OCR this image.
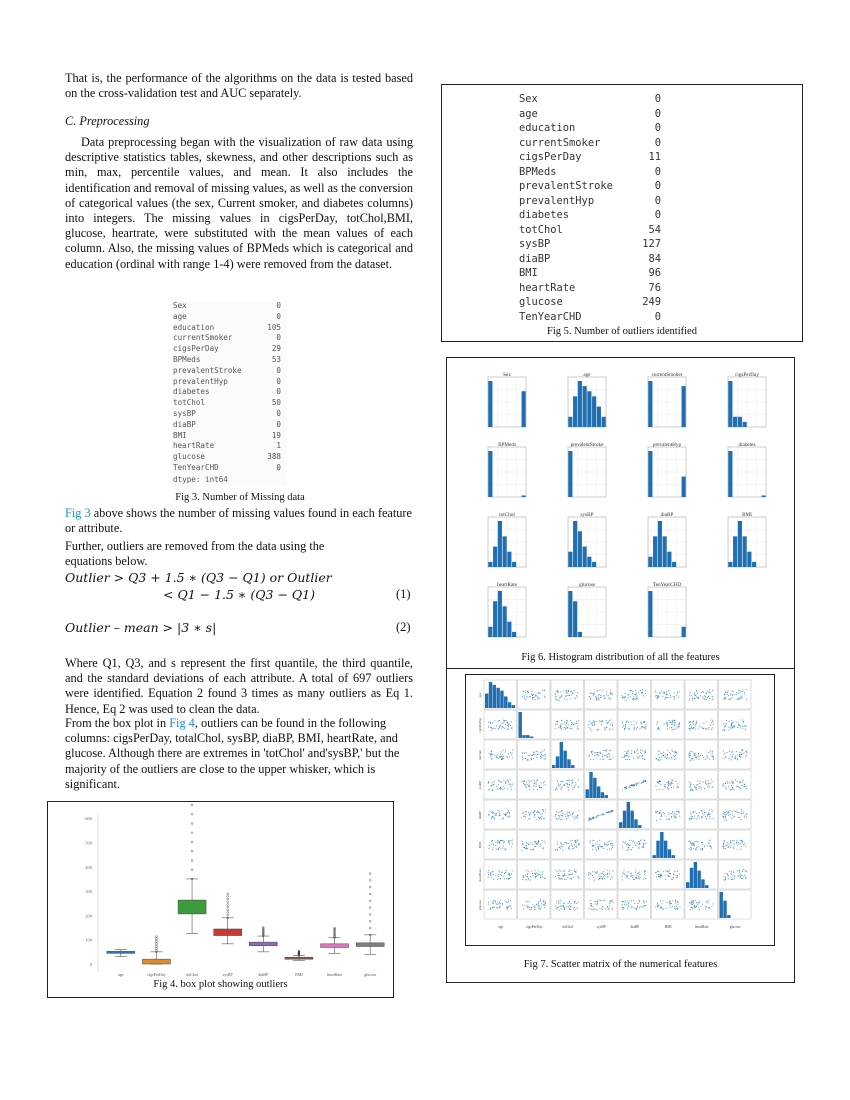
That is, the performance of the algorithms on the data is tested based on the cross-validation test and AUC separately.
C. Preprocessing
Data preprocessing began with the visualization of raw data using descriptive statistics tables, skewness, and other descriptions such as min, max, percentile values, and mean. It also includes the identification and removal of missing values, as well as the conversion of categorical values (the sex, Current smoker, and diabetes columns) into integers. The missing values in cigsPerDay, totChol,BMI, glucose, heartrate, were substituted with the mean values of each column. Also, the missing values of BPMeds which is categorical and education (ordinal with range 1-4) were removed from the dataset.
Sex	0
age	0
education	105
currentSmoker	0
cigsPerDay	29
BPMeds	53
prevalentStroke	0
prevalentHyp	0
diabetes	0
totChol	50
sysBP	0
diaBP	0
BMI	19
heartRate	1
glucose	388
TenYearCHD	0
dtype: int64
Fig 3. Number of Missing data
Fig 3 above shows the number of missing values found in each feature or attribute.
Further, outliers are removed from the data using the equations below.
Outlier > Q3 + 1.5 ∗ (Q3 − Q1) or Outlier
< Q1 − 1.5 ∗ (Q3 − Q1)	(1)
Outlier – mean > |3 ∗ s|	(2)
Where Q1, Q3, and s represent the first quantile, the third quantile, and the standard deviations of each attribute. A total of 697 outliers were identified. Equation 2 found 3 times as many outliers as Eq 1. Hence, Eq 2 was used to clean the data.
From the box plot in Fig 4, outliers can be found in the following columns: cigsPerDay, totalChol, sysBP, diaBP, BMI, heartRate, and glucose. Although there are extremes in 'totChol' and'sysBP,' but the majority of the outliers are close to the upper whisker, which is significant.
0
100
200
300
400
500
600
age	cigsPerDay	totChol	sysBP	diaBP	BMI	heartRate	glucose
Fig 4. box plot showing outliers
Sex	0
age	0
education	0
currentSmoker	0
cigsPerDay	11
BPMeds	0
prevalentStroke	0
prevalentHyp	0
diabetes	0
totChol	54
sysBP	127
diaBP	84
BMI	96
heartRate	76
glucose	249
TenYearCHD	0
Fig 5. Number of outliers identified
Sex	age	currentSmoker	cigsPerDay
BPMeds	prevalentStroke	prevalentHyp	diabetes
totChol	sysBP	diaBP	BMI
heartRate	glucose	TenYearCHD
Fig 6. Histogram distribution of all the features
age
cigsPerDay
totChol
sysBP
diaBP
BMI
heartRate
glucose
age	cigsPerDay	totChol	sysBP	diaBP	BMI	heartRate	glucose
Fig 7. Scatter matrix of the numerical features
